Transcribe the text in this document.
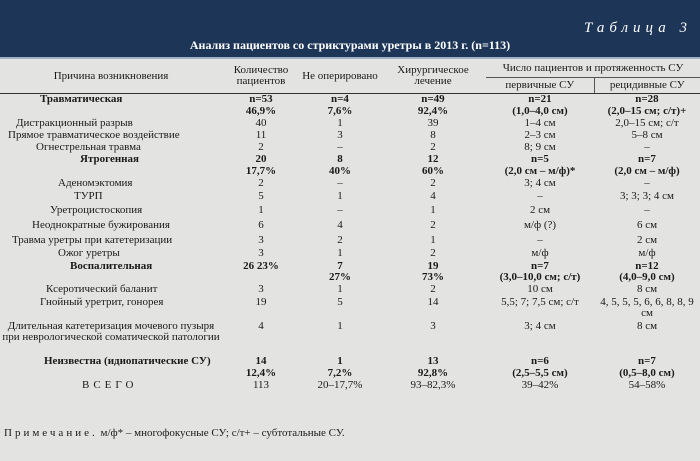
Таблица 3
Анализ пациентов со стриктурами уретры в 2013 г. (n=113)
Причина возникновения	Количество пациентов	Не оперировано	Хирургическое лечение	Число пациентов и протяженность СУ	
				первичные СУ	рецидивные СУ

Травматическая	n=53	n=4	n=49	n=21	n=28
	46,9%	7,6%	92,4%	(1,0–4,0 см)	(2,0–15 см; с/т)+
Дистракционный разрыв	40	1	39	1–4 см	2,0–15 см; с/т
Прямое травматическое воздействие	11	3	8	2–3 см	5–8 см
Огнестрельная травма	2	–	2	8; 9 см	–
Ятрогенная	20	8	12	n=5	n=7
	17,7%	40%	60%	(2,0 см – м/ф)*	(2,0 см – м/ф)
Аденомэктомия	2	–	2	3; 4 см	–
ТУРП	5	1	4	–	3; 3; 3; 4 см
Уретроцистоскопия	1	–	1	2 см	–
Неоднократные бужирования	6	4	2	м/ф (?)	6 см
Травма уретры при катетеризации	3	2	1	–	2 см
Ожог уретры	3	1	2	м/ф	м/ф
Воспалительная	26 23%	7	19	n=7	n=12
		27%	73%	(3,0–10,0 см; с/т)	(4,0–9,0 см)
Ксеротический баланит	3	1	2	10 см	8 см
Гнойный уретрит, гонорея	19	5	14	5,5; 7; 7,5 см; с/т	4, 5, 5, 5, 6, 6, 8, 8, 9 см
Длительная катетеризация мочевого пузыря при неврологической соматической патологии	4	1	3	3; 4 см	8 см
Неизвестна (идиопатические СУ)	14	1	13	n=6	n=7
	12,4%	7,2%	92,8%	(2,5–5,5 см)	(0,5–8,0 см)
ВСЕГО	113	20–17,7%	93–82,3%	39–42%	54–58%
Примечание. м/ф* – многофокусные СУ; с/т+ – субтотальные СУ.
